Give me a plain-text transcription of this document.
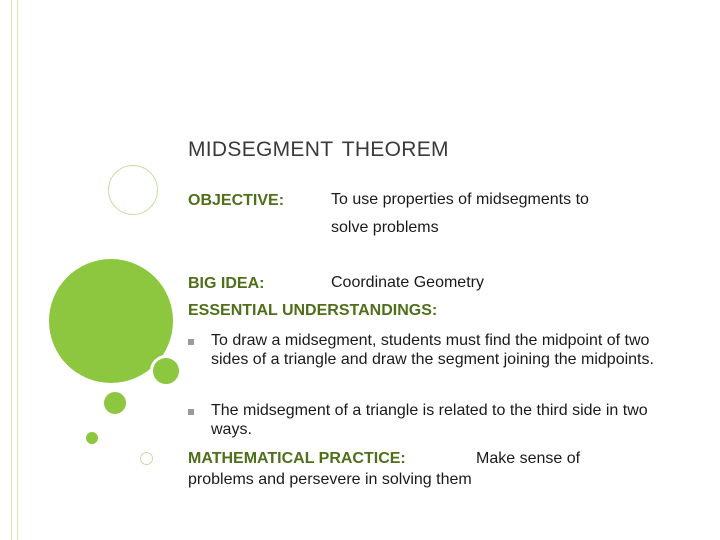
MIDSEGMENT THEOREM
OBJECTIVE:	To use properties of midsegments to
solve problems
BIG IDEA:	Coordinate Geometry
ESSENTIAL UNDERSTANDINGS:
To draw a midsegment, students must find the midpoint of two sides of a triangle and draw the segment joining the midpoints.
The midsegment of a triangle is related to the third side in two ways.
MATHEMATICAL PRACTICE:	Make sense of
problems and persevere in solving them
